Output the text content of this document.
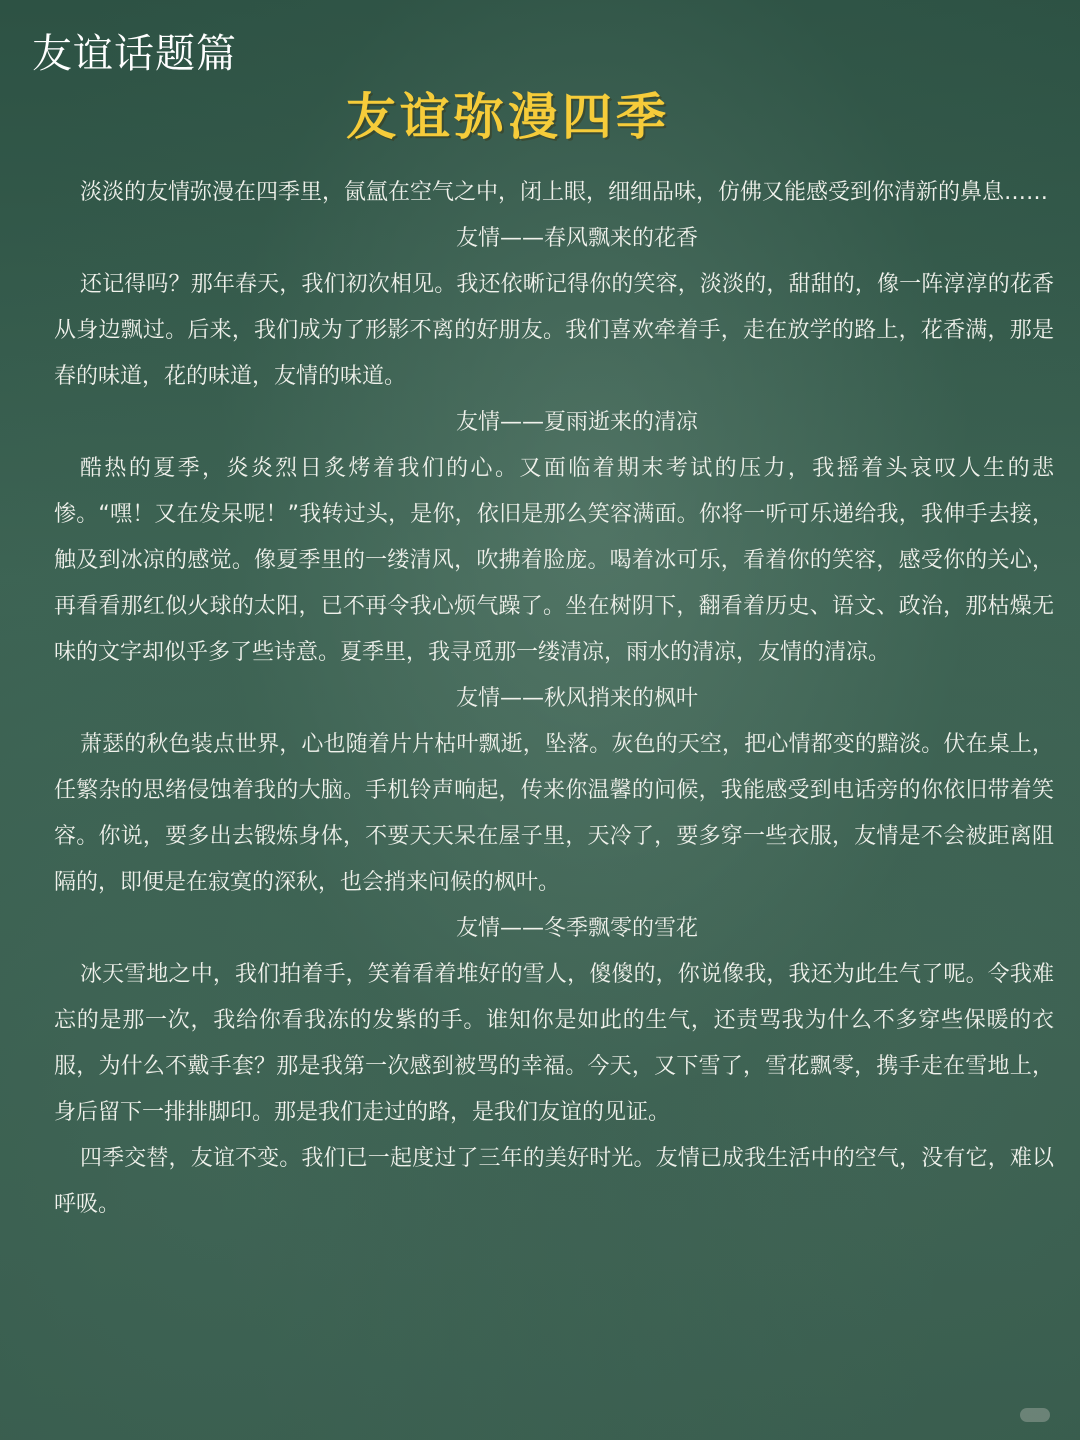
友谊话题篇
友谊弥漫四季

淡淡的友情弥漫在四季里，氤氲在空气之中，闭上眼，细细品味，仿佛又能感受到你清新的鼻息……

友情——春风飘来的花香

还记得吗？那年春天，我们初次相见。我还依晰记得你的笑容，淡淡的，甜甜的，像一阵淳淳的花香从身边飘过。后来，我们成为了形影不离的好朋友。我们喜欢牵着手，走在放学的路上，花香满，那是春的味道，花的味道，友情的味道。

友情——夏雨逝来的清凉

酷热的夏季，炎炎烈日炙烤着我们的心。又面临着期末考试的压力，我摇着头哀叹人生的悲惨。“嘿！又在发呆呢！”我转过头，是你，依旧是那么笑容满面。你将一听可乐递给我，我伸手去接，触及到冰凉的感觉。像夏季里的一缕清风，吹拂着脸庞。喝着冰可乐，看着你的笑容，感受你的关心，再看看那红似火球的太阳，已不再令我心烦气躁了。坐在树阴下，翻看着历史、语文、政治，那枯燥无味的文字却似乎多了些诗意。夏季里，我寻觅那一缕清凉，雨水的清凉，友情的清凉。

友情——秋风捎来的枫叶

萧瑟的秋色装点世界，心也随着片片枯叶飘逝，坠落。灰色的天空，把心情都变的黯淡。伏在桌上，任繁杂的思绪侵蚀着我的大脑。手机铃声响起，传来你温馨的问候，我能感受到电话旁的你依旧带着笑容。你说，要多出去锻炼身体，不要天天呆在屋子里，天冷了，要多穿一些衣服，友情是不会被距离阻隔的，即便是在寂寞的深秋，也会捎来问候的枫叶。

友情——冬季飘零的雪花

冰天雪地之中，我们拍着手，笑着看着堆好的雪人，傻傻的，你说像我，我还为此生气了呢。令我难忘的是那一次，我给你看我冻的发紫的手。谁知你是如此的生气，还责骂我为什么不多穿些保暖的衣服，为什么不戴手套？那是我第一次感到被骂的幸福。今天，又下雪了，雪花飘零，携手走在雪地上，身后留下一排排脚印。那是我们走过的路，是我们友谊的见证。

四季交替，友谊不变。我们已一起度过了三年的美好时光。友情已成我生活中的空气，没有它，难以呼吸。
